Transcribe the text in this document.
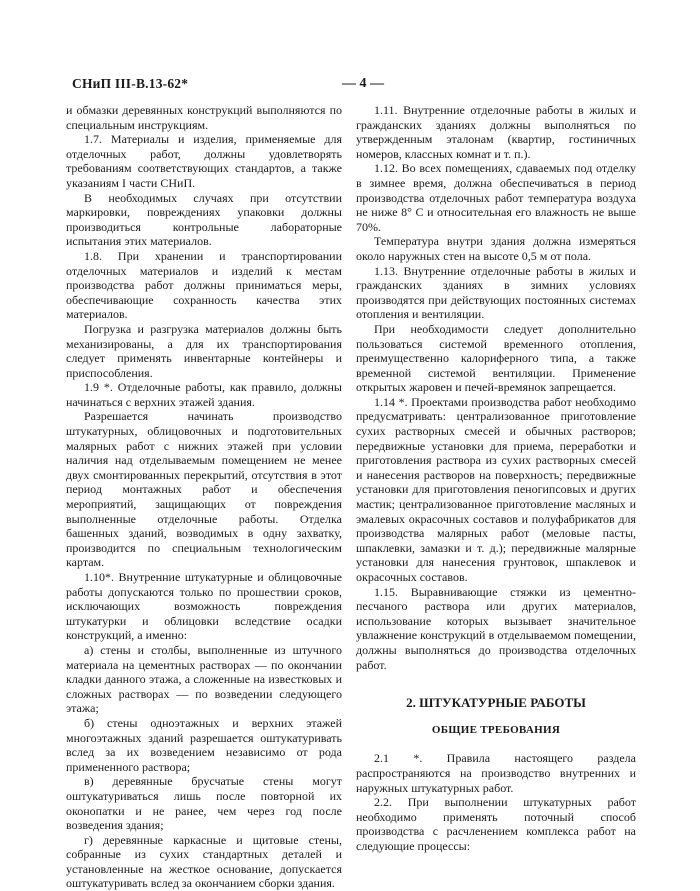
СНиП III-В.13-62*	— 4 —

и обмазки деревянных конструкций выполняются по специальным инструкциям.

1.7. Материалы и изделия, применяемые для отделочных работ, должны удовлетворять требованиям соответствующих стандартов, а также указаниям I части СНиП.

В необходимых случаях при отсутствии маркировки, повреждениях упаковки должны производиться контрольные лабораторные испытания этих материалов.

1.8. При хранении и транспортировании отделочных материалов и изделий к местам производства работ должны приниматься меры, обеспечивающие сохранность качества этих материалов.

Погрузка и разгрузка материалов должны быть механизированы, а для их транспортирования следует применять инвентарные контейнеры и приспособления.

1.9 *. Отделочные работы, как правило, должны начинаться с верхних этажей здания.

Разрешается начинать производство штукатурных, облицовочных и подготовительных малярных работ с нижних этажей при условии наличия над отделываемым помещением не менее двух смонтированных перекрытий, отсутствия в этот период монтажных работ и обеспечения мероприятий, защищающих от повреждения выполненные отделочные работы. Отделка башенных зданий, возводимых в одну захватку, производится по специальным технологическим картам.

1.10*. Внутренние штукатурные и облицовочные работы допускаются только по прошествии сроков, исключающих возможность повреждения штукатурки и облицовки вследствие осадки конструкций, а именно:

а) стены и столбы, выполненные из штучного материала на цементных растворах — по окончании кладки данного этажа, а сложенные на известковых и сложных растворах — по возведении следующего этажа;

б) стены одноэтажных и верхних этажей многоэтажных зданий разрешается оштукатуривать вслед за их возведением независимо от рода примененного раствора;

в) деревянные брусчатые стены могут оштукатуриваться лишь после повторной их оконопатки и не ранее, чем через год после возведения здания;

г) деревянные каркасные и щитовые стены, собранные из сухих стандартных деталей и установленные на жесткое основание, допускается оштукатуривать вслед за окончанием сборки здания.

1.11. Внутренние отделочные работы в жилых и гражданских зданиях должны выполняться по утвержденным эталонам (квартир, гостиничных номеров, классных комнат и т. п.).

1.12. Во всех помещениях, сдаваемых под отделку в зимнее время, должна обеспечиваться в период производства отделочных работ температура воздуха не ниже 8° С и относительная его влажность не выше 70%.

Температура внутри здания должна измеряться около наружных стен на высоте 0,5 м от пола.

1.13. Внутренние отделочные работы в жилых и гражданских зданиях в зимних условиях производятся при действующих постоянных системах отопления и вентиляции.

При необходимости следует дополнительно пользоваться системой временного отопления, преимущественно калориферного типа, а также временной системой вентиляции. Применение открытых жаровен и печей-времянок запрещается.

1.14 *. Проектами производства работ необходимо предусматривать: централизованное приготовление сухих растворных смесей и обычных растворов; передвижные установки для приема, переработки и приготовления раствора из сухих растворных смесей и нанесения растворов на поверхность; передвижные установки для приготовления пеногипсовых и других мастик; централизованное приготовление масляных и эмалевых окрасочных составов и полуфабрикатов для производства малярных работ (меловые пасты, шпаклевки, замазки и т. д.); передвижные малярные установки для нанесения грунтовок, шпаклевок и окрасочных составов.

1.15. Выравнивающие стяжки из цементно-песчаного раствора или других материалов, использование которых вызывает значительное увлажнение конструкций в отделываемом помещении, должны выполняться до производства отделочных работ.

2. ШТУКАТУРНЫЕ РАБОТЫ

ОБЩИЕ ТРЕБОВАНИЯ

2.1 *. Правила настоящего раздела распространяются на производство внутренних и наружных штукатурных работ.

2.2. При выполнении штукатурных работ необходимо применять поточный способ производства с расчленением комплекса работ на следующие процессы:
